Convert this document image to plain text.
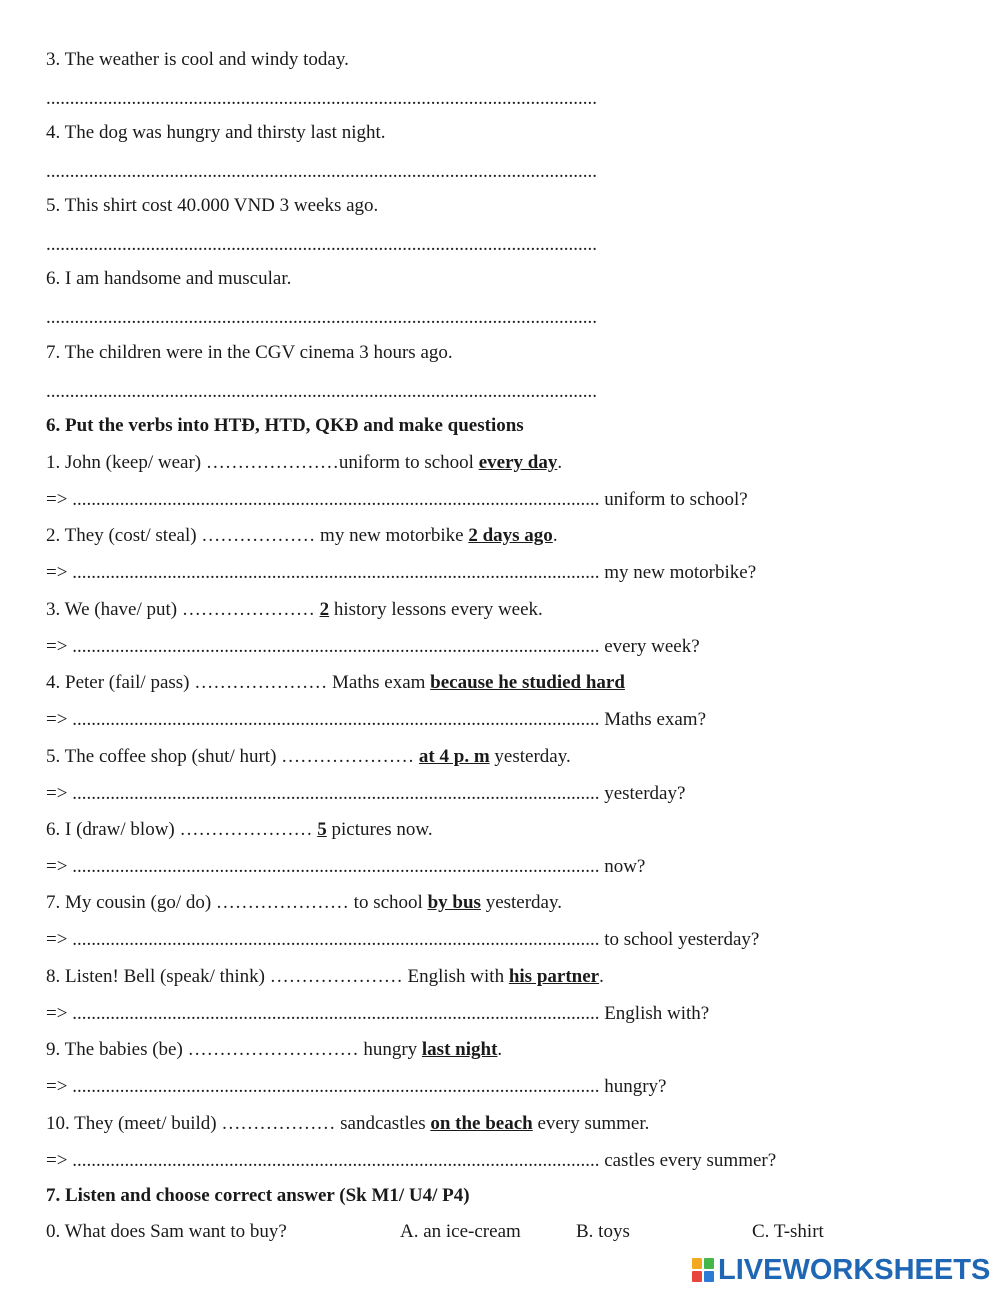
3. The weather is cool and windy today.
....................................................................................................................
4. The dog was hungry and thirsty last night.
....................................................................................................................
5. This shirt cost 40.000 VND 3 weeks ago.
....................................................................................................................
6. I am handsome and muscular.
....................................................................................................................
7. The children were in the CGV cinema 3 hours ago.
....................................................................................................................
6. Put the verbs into HTĐ, HTD, QKĐ and make questions
1. John (keep/ wear) …………………uniform to school every day.
=> ............................................................................................................... uniform to school?
2. They (cost/ steal) ……………… my new motorbike 2 days ago.
=> ............................................................................................................... my new motorbike?
3. We (have/ put) ………………… 2 history lessons every week.
=> ............................................................................................................... every week?
4. Peter (fail/ pass) ………………… Maths exam because he studied hard
=> ............................................................................................................... Maths exam?
5. The coffee shop (shut/ hurt) ………………… at 4 p. m yesterday.
=> ............................................................................................................... yesterday?
6. I (draw/ blow) ………………… 5 pictures now.
=> ............................................................................................................... now?
7. My cousin (go/ do) ………………… to school by bus yesterday.
=> ............................................................................................................... to school yesterday?
8. Listen! Bell (speak/ think) ………………… English with his partner.
=> ............................................................................................................... English with?
9. The babies (be) ……………………… hungry last night.
=> ............................................................................................................... hungry?
10. They (meet/ build) ……………… sandcastles on the beach every summer.
=> ............................................................................................................... castles every summer?
7. Listen and choose correct answer (Sk M1/ U4/ P4)
0. What does Sam want to buy?	A. an ice-cream	B. toys	C. T-shirt
LIVEWORKSHEETS
